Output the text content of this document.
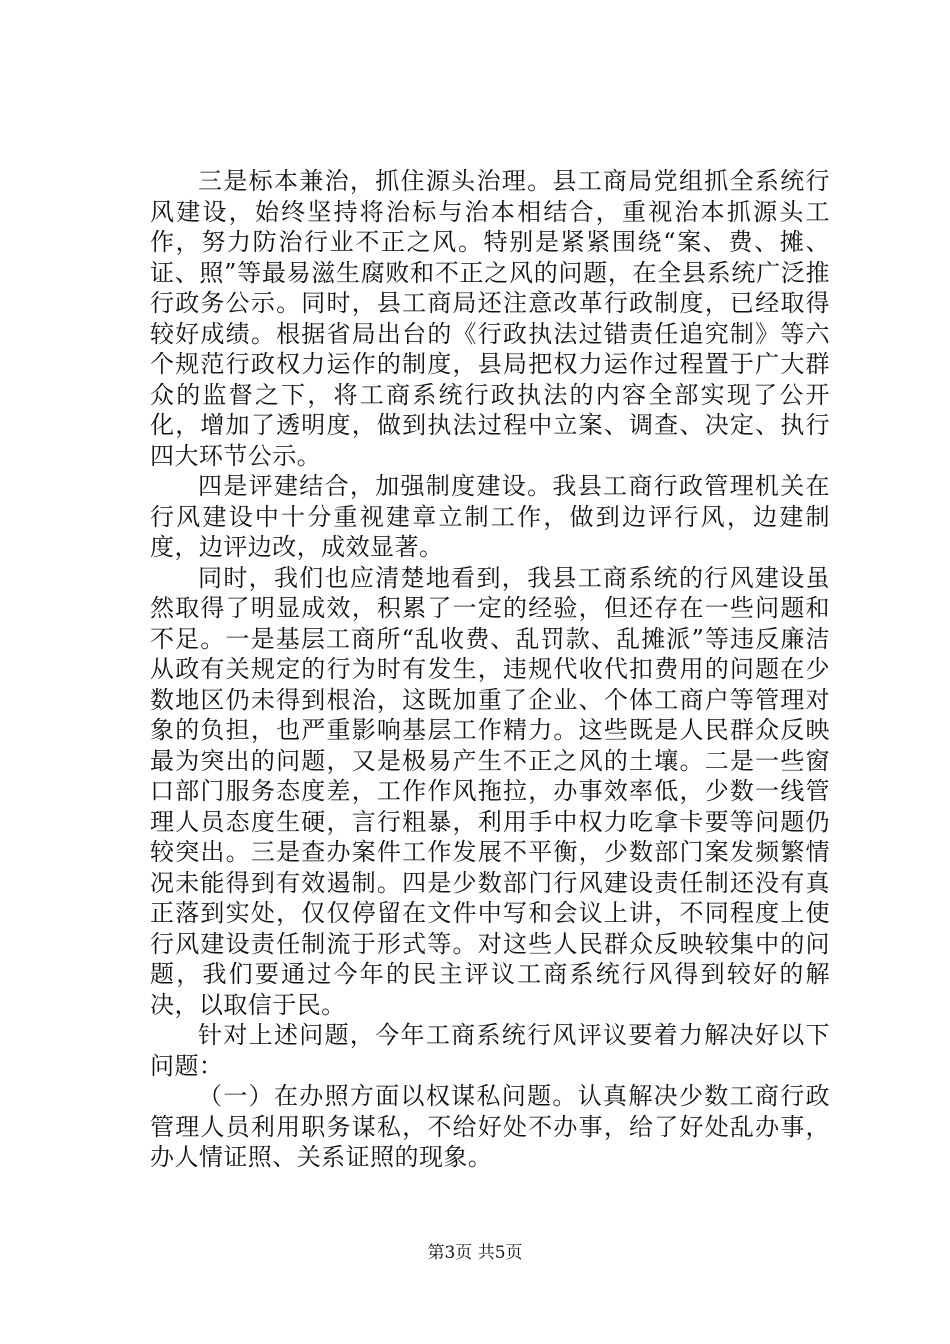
三是标本兼治，抓住源头治理。县工商局党组抓全系统行风建设，始终坚持将治标与治本相结合，重视治本抓源头工作，努力防治行业不正之风。特别是紧紧围绕“案、费、摊、证、照”等最易滋生腐败和不正之风的问题，在全县系统广泛推行政务公示。同时，县工商局还注意改革行政制度，已经取得较好成绩。根据省局出台的《行政执法过错责任追究制》等六个规范行政权力运作的制度，县局把权力运作过程置于广大群众的监督之下，将工商系统行政执法的内容全部实现了公开化，增加了透明度，做到执法过程中立案、调查、决定、执行四大环节公示。

四是评建结合，加强制度建设。我县工商行政管理机关在行风建设中十分重视建章立制工作，做到边评行风，边建制度，边评边改，成效显著。

同时，我们也应清楚地看到，我县工商系统的行风建设虽然取得了明显成效，积累了一定的经验，但还存在一些问题和不足。一是基层工商所“乱收费、乱罚款、乱摊派”等违反廉洁从政有关规定的行为时有发生，违规代收代扣费用的问题在少数地区仍未得到根治，这既加重了企业、个体工商户等管理对象的负担，也严重影响基层工作精力。这些既是人民群众反映最为突出的问题，又是极易产生不正之风的土壤。二是一些窗口部门服务态度差，工作作风拖拉，办事效率低，少数一线管理人员态度生硬，言行粗暴，利用手中权力吃拿卡要等问题仍较突出。三是查办案件工作发展不平衡，少数部门案发频繁情况未能得到有效遏制。四是少数部门行风建设责任制还没有真正落到实处，仅仅停留在文件中写和会议上讲，不同程度上使行风建设责任制流于形式等。对这些人民群众反映较集中的问题，我们要通过今年的民主评议工商系统行风得到较好的解决，以取信于民。

针对上述问题，今年工商系统行风评议要着力解决好以下问题：

（一）在办照方面以权谋私问题。认真解决少数工商行政管理人员利用职务谋私，不给好处不办事，给了好处乱办事，办人情证照、关系证照的现象。

第3页 共5页
